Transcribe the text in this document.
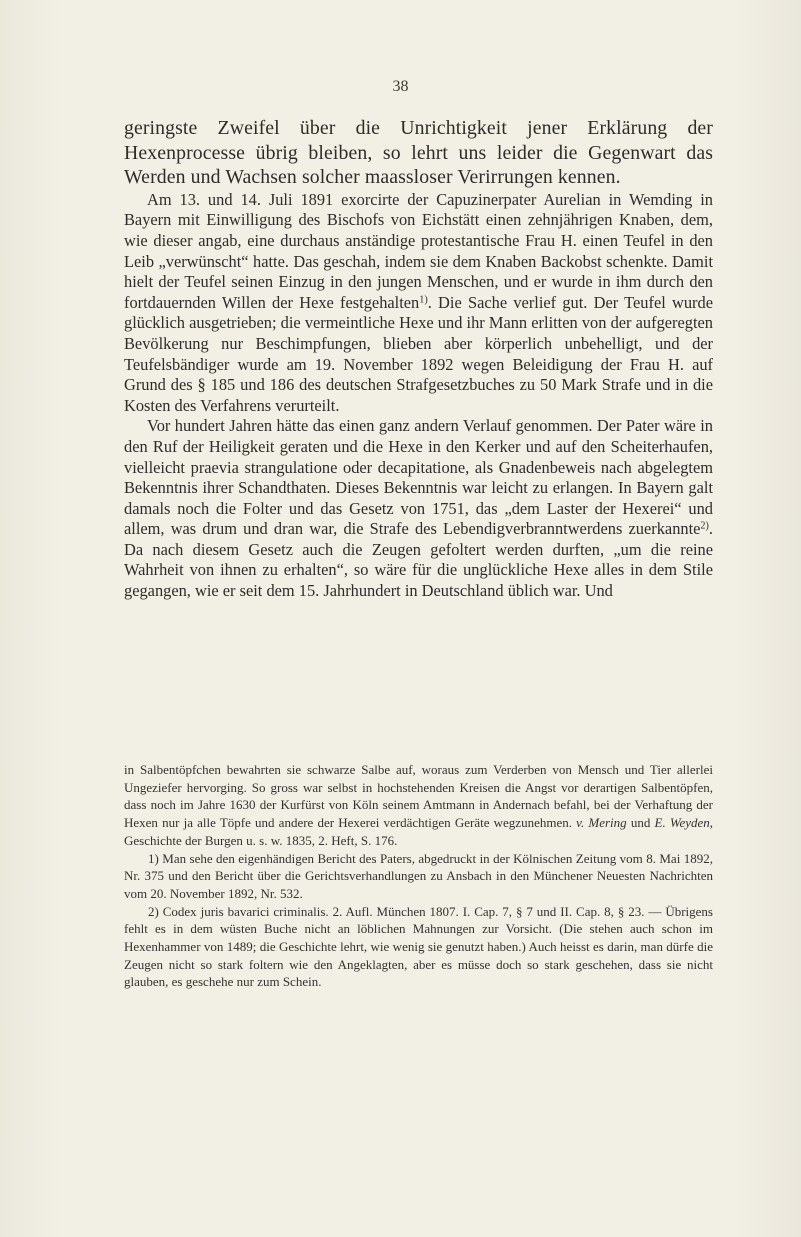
38

geringste Zweifel über die Unrichtigkeit jener Erklärung der Hexenprocesse übrig bleiben, so lehrt uns leider die Gegenwart das Werden und Wachsen solcher maassloser Verirrungen kennen.

Am 13. und 14. Juli 1891 exorcirte der Capuzinerpater Aurelian in Wemding in Bayern mit Einwilligung des Bischofs von Eichstätt einen zehnjährigen Knaben, dem, wie dieser angab, eine durchaus anständige protestantische Frau H. einen Teufel in den Leib „verwünscht“ hatte. Das geschah, indem sie dem Knaben Backobst schenkte. Damit hielt der Teufel seinen Einzug in den jungen Menschen, und er wurde in ihm durch den fortdauernden Willen der Hexe festgehalten$^{1)}$. Die Sache verlief gut. Der Teufel wurde glücklich ausgetrieben; die vermeintliche Hexe und ihr Mann erlitten von der aufgeregten Bevölkerung nur Beschimpfungen, blieben aber körperlich unbehelligt, und der Teufelsbändiger wurde am 19. November 1892 wegen Beleidigung der Frau H. auf Grund des § 185 und 186 des deutschen Strafgesetzbuches zu 50 Mark Strafe und in die Kosten des Verfahrens verurteilt.

Vor hundert Jahren hätte das einen ganz andern Verlauf genommen. Der Pater wäre in den Ruf der Heiligkeit geraten und die Hexe in den Kerker und auf den Scheiterhaufen, vielleicht praevia strangulatione oder decapitatione, als Gnadenbeweis nach abgelegtem Bekenntnis ihrer Schandthaten. Dieses Bekenntnis war leicht zu erlangen. In Bayern galt damals noch die Folter und das Gesetz von 1751, das „dem Laster der Hexerei“ und allem, was drum und dran war, die Strafe des Lebendigverbranntwerdens zuerkannte$^{2)}$. Da nach diesem Gesetz auch die Zeugen gefoltert werden durften, „um die reine Wahrheit von ihnen zu erhalten“, so wäre für die unglückliche Hexe alles in dem Stile gegangen, wie er seit dem 15. Jahrhundert in Deutschland üblich war. Und

in Salbentöpfchen bewahrten sie schwarze Salbe auf, woraus zum Verderben von Mensch und Tier allerlei Ungeziefer hervorging. So gross war selbst in hochstehenden Kreisen die Angst vor derartigen Salbentöpfen, dass noch im Jahre 1630 der Kurfürst von Köln seinem Amtmann in Andernach befahl, bei der Verhaftung der Hexen nur ja alle Töpfe und andere der Hexerei verdächtigen Geräte wegzunehmen. v. Mering und E. Weyden, Geschichte der Burgen u. s. w. 1835, 2. Heft, S. 176.

1) Man sehe den eigenhändigen Bericht des Paters, abgedruckt in der Kölnischen Zeitung vom 8. Mai 1892, Nr. 375 und den Bericht über die Gerichtsverhandlungen zu Ansbach in den Münchener Neuesten Nachrichten vom 20. November 1892, Nr. 532.

2) Codex juris bavarici criminalis. 2. Aufl. München 1807. I. Cap. 7, § 7 und II. Cap. 8, § 23. — Übrigens fehlt es in dem wüsten Buche nicht an löblichen Mahnungen zur Vorsicht. (Die stehen auch schon im Hexenhammer von 1489; die Geschichte lehrt, wie wenig sie genutzt haben.) Auch heisst es darin, man dürfe die Zeugen nicht so stark foltern wie den Angeklagten, aber es müsse doch so stark geschehen, dass sie nicht glauben, es geschehe nur zum Schein.
